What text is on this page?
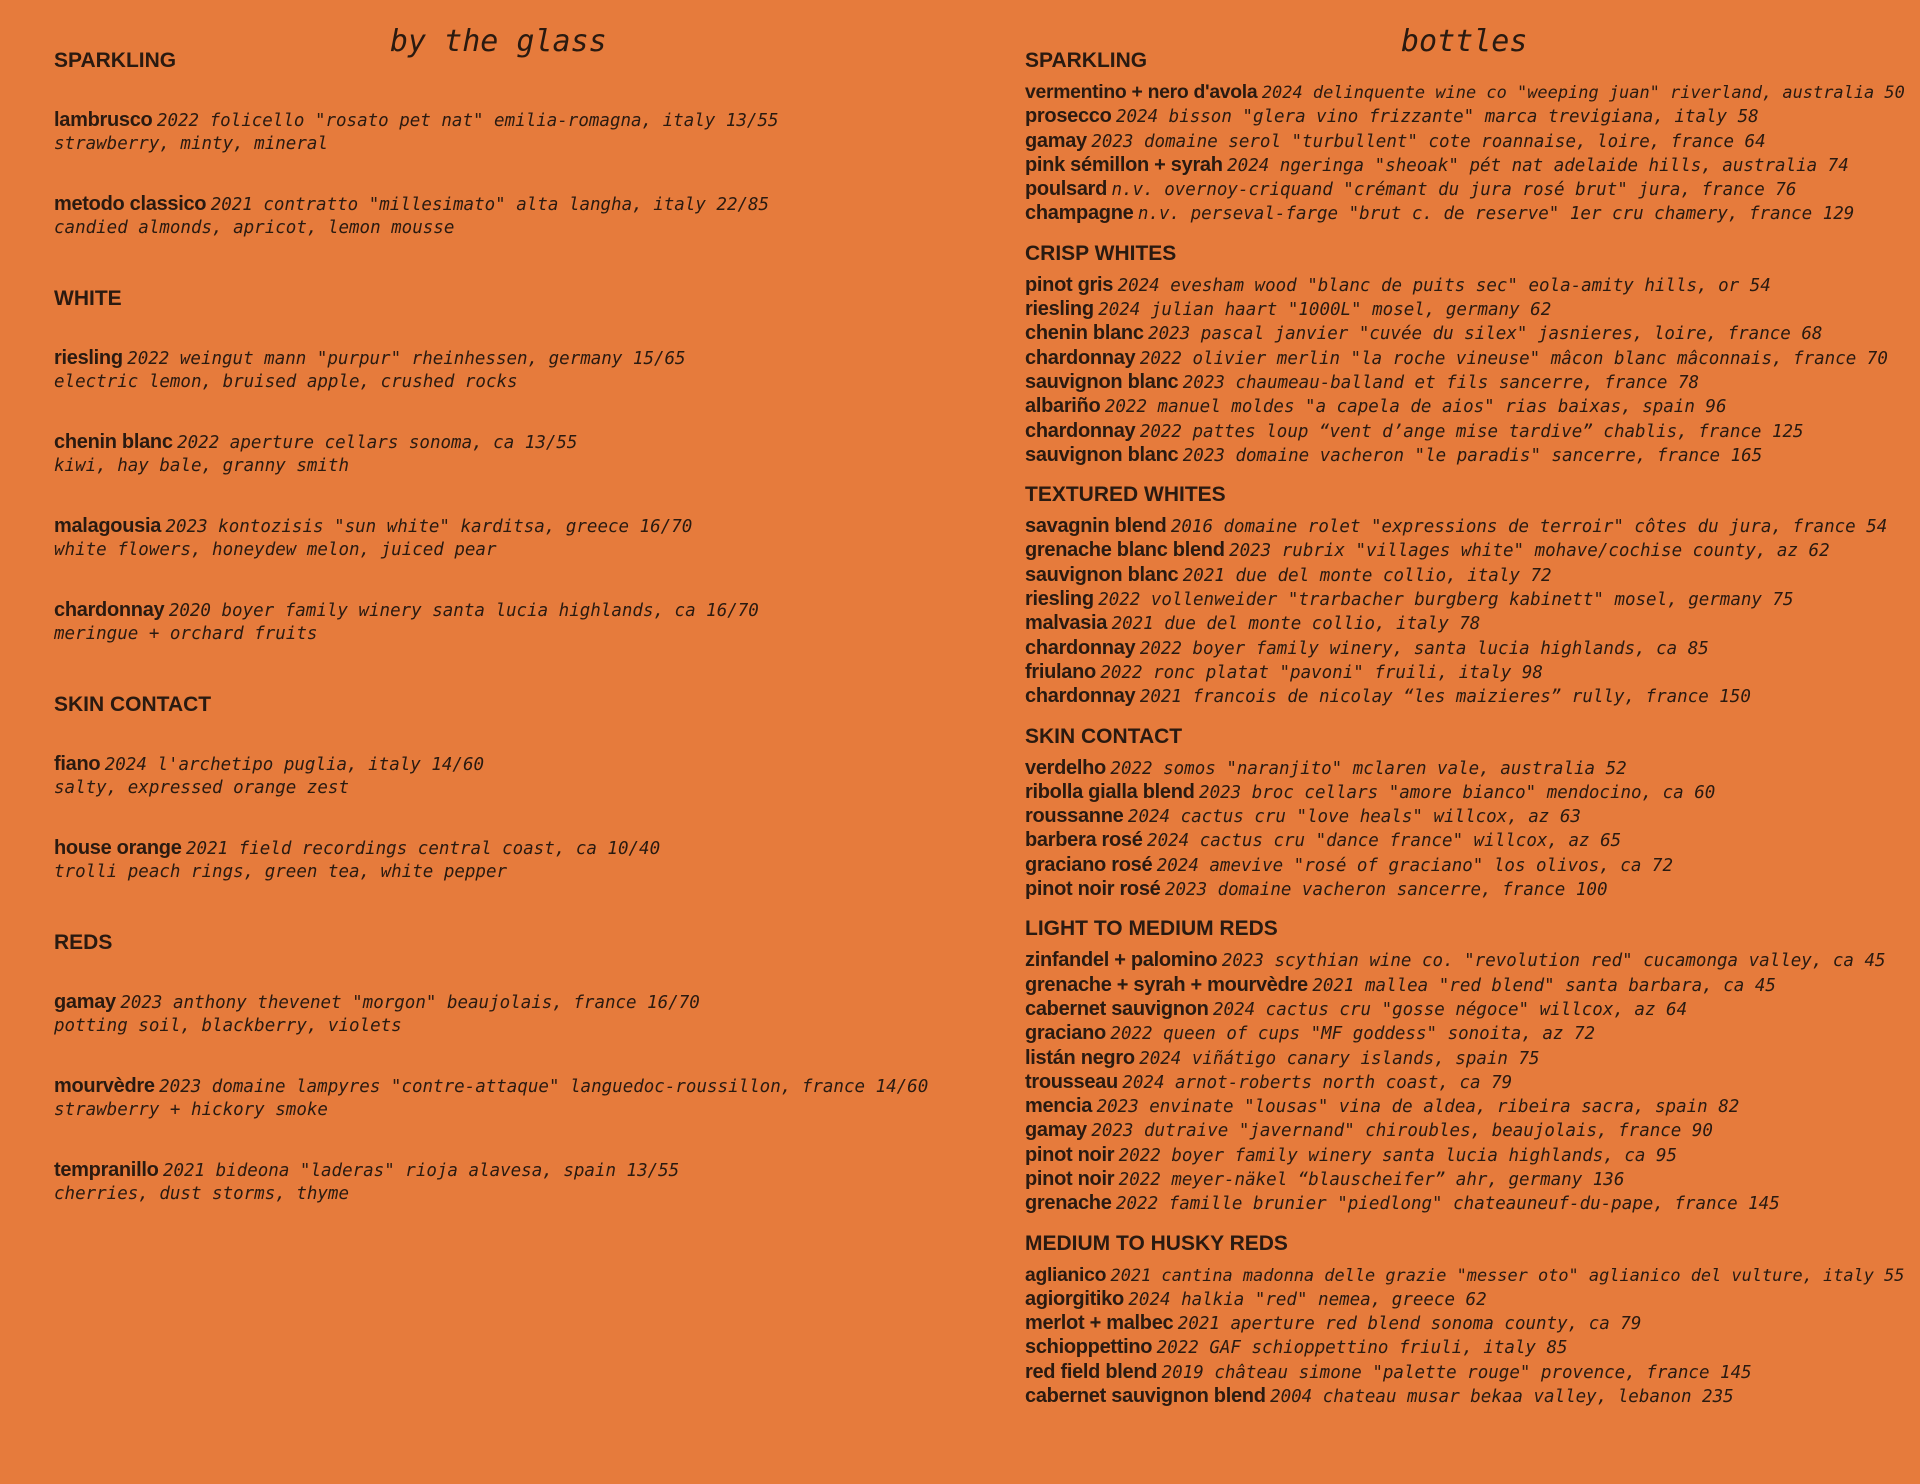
by the glass	bottles
SPARKLING
lambrusco 2022 folicello "rosato pet nat" emilia-romagna, italy 13/55
strawberry, minty, mineral
metodo classico 2021 contratto "millesimato" alta langha, italy 22/85
candied almonds, apricot, lemon mousse
WHITE
riesling 2022 weingut mann "purpur" rheinhessen, germany 15/65
electric lemon, bruised apple, crushed rocks
chenin blanc 2022 aperture cellars sonoma, ca 13/55
kiwi, hay bale, granny smith
malagousia 2023 kontozisis "sun white" karditsa, greece 16/70
white flowers, honeydew melon, juiced pear
chardonnay 2020 boyer family winery santa lucia highlands, ca 16/70
meringue + orchard fruits
SKIN CONTACT
fiano 2024 l'archetipo puglia, italy 14/60
salty, expressed orange zest
house orange 2021 field recordings central coast, ca 10/40
trolli peach rings, green tea, white pepper
REDS
gamay 2023 anthony thevenet "morgon" beaujolais, france 16/70
potting soil, blackberry, violets
mourvèdre 2023 domaine lampyres "contre-attaque" languedoc-roussillon, france 14/60
strawberry + hickory smoke
tempranillo 2021 bideona "laderas" rioja alavesa, spain 13/55
cherries, dust storms, thyme
SPARKLING
vermentino + nero d'avola 2024 delinquente wine co "weeping juan" riverland, australia 50
prosecco 2024 bisson "glera vino frizzante" marca trevigiana, italy 58
gamay 2023 domaine serol "turbullent" cote roannaise, loire, france 64
pink sémillon + syrah 2024 ngeringa "sheoak" pét nat adelaide hills, australia 74
poulsard n.v. overnoy-criquand "crémant du jura rosé brut" jura, france 76
champagne n.v. perseval-farge "brut c. de reserve" 1er cru chamery, france 129
CRISP WHITES
pinot gris 2024 evesham wood "blanc de puits sec" eola-amity hills, or 54
riesling 2024 julian haart "1000L" mosel, germany 62
chenin blanc 2023 pascal janvier "cuvée du silex" jasnieres, loire, france 68
chardonnay 2022 olivier merlin "la roche vineuse" mâcon blanc mâconnais, france 70
sauvignon blanc 2023 chaumeau-balland et fils sancerre, france 78
albariño 2022 manuel moldes "a capela de aios" rias baixas, spain 96
chardonnay 2022 pattes loup “vent d’ange mise tardive” chablis, france 125
sauvignon blanc 2023 domaine vacheron "le paradis" sancerre, france 165
TEXTURED WHITES
savagnin blend 2016 domaine rolet "expressions de terroir" côtes du jura, france 54
grenache blanc blend 2023 rubrix "villages white" mohave/cochise county, az 62
sauvignon blanc 2021 due del monte collio, italy 72
riesling 2022 vollenweider "trarbacher burgberg kabinett" mosel, germany 75
malvasia 2021 due del monte collio, italy 78
chardonnay 2022 boyer family winery, santa lucia highlands, ca 85
friulano 2022 ronc platat "pavoni" fruili, italy 98
chardonnay 2021 francois de nicolay “les maizieres” rully, france 150
SKIN CONTACT
verdelho 2022 somos "naranjito" mclaren vale, australia 52
ribolla gialla blend 2023 broc cellars "amore bianco" mendocino, ca 60
roussanne 2024 cactus cru "love heals" willcox, az 63
barbera rosé 2024 cactus cru "dance france" willcox, az 65
graciano rosé 2024 amevive "rosé of graciano" los olivos, ca 72
pinot noir rosé 2023 domaine vacheron sancerre, france 100
LIGHT TO MEDIUM REDS
zinfandel + palomino 2023 scythian wine co. "revolution red" cucamonga valley, ca 45
grenache + syrah + mourvèdre 2021 mallea "red blend" santa barbara, ca 45
cabernet sauvignon 2024 cactus cru "gosse négoce" willcox, az 64
graciano 2022 queen of cups "MF goddess" sonoita, az 72
listán negro 2024 viñátigo canary islands, spain 75
trousseau 2024 arnot-roberts north coast, ca 79
mencia 2023 envinate "lousas" vina de aldea, ribeira sacra, spain 82
gamay 2023 dutraive "javernand" chiroubles, beaujolais, france 90
pinot noir 2022 boyer family winery santa lucia highlands, ca 95
pinot noir 2022 meyer-näkel “blauscheifer” ahr, germany 136
grenache 2022 famille brunier "piedlong" chateauneuf-du-pape, france 145
MEDIUM TO HUSKY REDS
aglianico 2021 cantina madonna delle grazie "messer oto" aglianico del vulture, italy 55
agiorgitiko 2024 halkia "red" nemea, greece 62
merlot + malbec 2021 aperture red blend sonoma county, ca 79
schioppettino 2022 GAF schioppettino friuli, italy 85
red field blend 2019 château simone "palette rouge" provence, france 145
cabernet sauvignon blend 2004 chateau musar bekaa valley, lebanon 235
